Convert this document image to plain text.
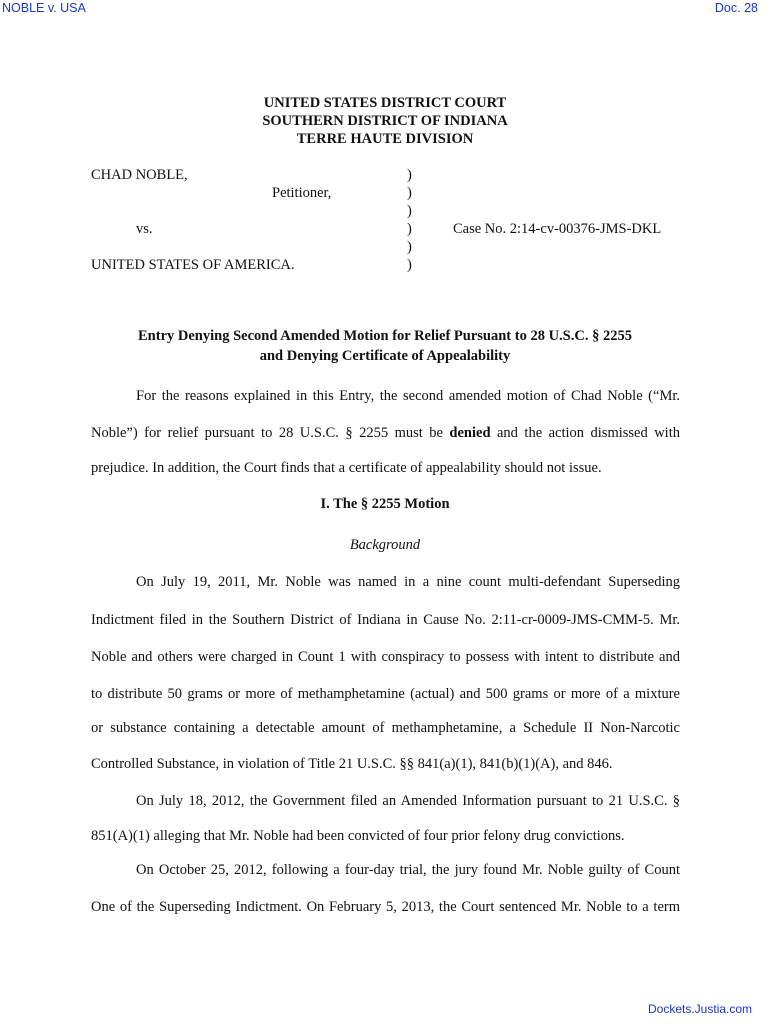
NOBLE v. USA	Doc. 28
UNITED STATES DISTRICT COURT
SOUTHERN DISTRICT OF INDIANA
TERRE HAUTE DIVISION
CHAD NOBLE,
Petitioner,
vs.
UNITED STATES OF AMERICA.
Case No. 2:14-cv-00376-JMS-DKL
)
)
)
)
)
)
Entry Denying Second Amended Motion for Relief Pursuant to 28 U.S.C. § 2255
and Denying Certificate of Appealability
For the reasons explained in this Entry, the second amended motion of Chad Noble (“Mr.
Noble”) for relief pursuant to 28 U.S.C. § 2255 must be denied and the action dismissed with
prejudice. In addition, the Court finds that a certificate of appealability should not issue.
I. The § 2255 Motion
Background
On July 19, 2011, Mr. Noble was named in a nine count multi-defendant Superseding
Indictment filed in the Southern District of Indiana in Cause No. 2:11-cr-0009-JMS-CMM-5. Mr.
Noble and others were charged in Count 1 with conspiracy to possess with intent to distribute and
to distribute 50 grams or more of methamphetamine (actual) and 500 grams or more of a mixture
or substance containing a detectable amount of methamphetamine, a Schedule II Non-Narcotic
Controlled Substance, in violation of Title 21 U.S.C. §§ 841(a)(1), 841(b)(1)(A), and 846.
On July 18, 2012, the Government filed an Amended Information pursuant to 21 U.S.C. §
851(A)(1) alleging that Mr. Noble had been convicted of four prior felony drug convictions.
On October 25, 2012, following a four-day trial, the jury found Mr. Noble guilty of Count
One of the Superseding Indictment. On February 5, 2013, the Court sentenced Mr. Noble to a term
Dockets.Justia.com
